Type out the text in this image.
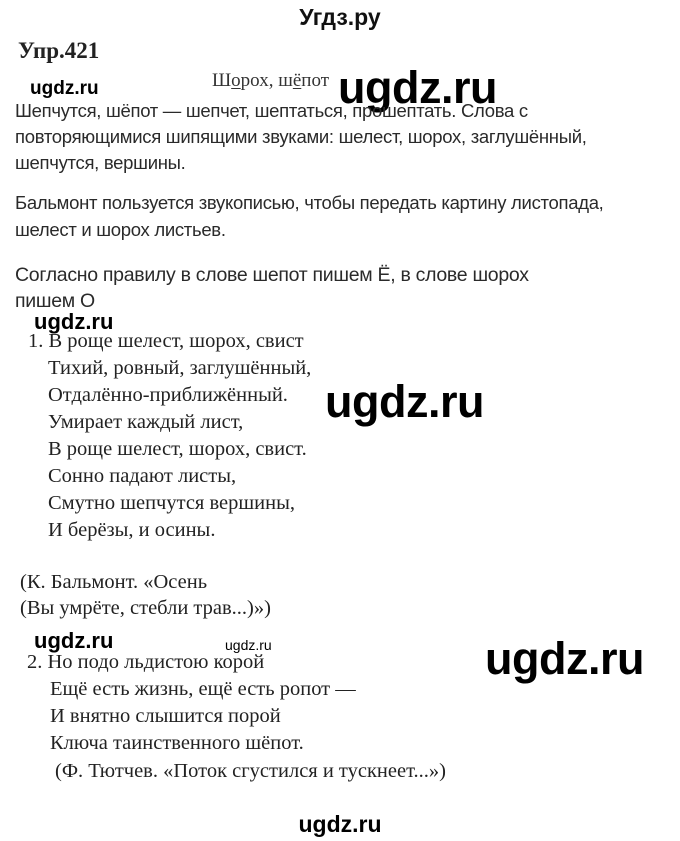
Угдз.ру
Упр.421
Шорох, шёпот ugdz.ru
ugdz.ru
Шепчутся, шёпот — шепчет, шептаться, прошептать. Слова с
повторяющимися шипящими звуками: шелест, шорох, заглушённый,
шепчутся, вершины.
Бальмонт пользуется звукописью, чтобы передать картину листопада,
шелест и шорох листьев.
Согласно правилу в слове шепот пишем Ё, в слове шорох
пишем О
ugdz.ru
1. В роще шелест, шорох, свист
Тихий, ровный, заглушённый,
Отдалённо-приближённый.
Умирает каждый лист,
В роще шелест, шорох, свист.
Сонно падают листы,
Смутно шепчутся вершины,
И берёзы, и осины.
ugdz.ru
(К. Бальмонт. «Осень
(Вы умрёте, стебли трав...)»)
ugdz.ru	ugdz.ru	ugdz.ru
2. Но подо льдистою корой
Ещё есть жизнь, ещё есть ропот —
И внятно слышится порой
Ключа таинственного шёпот.
(Ф. Тютчев. «Поток сгустился и тускнеет...»)
ugdz.ru
